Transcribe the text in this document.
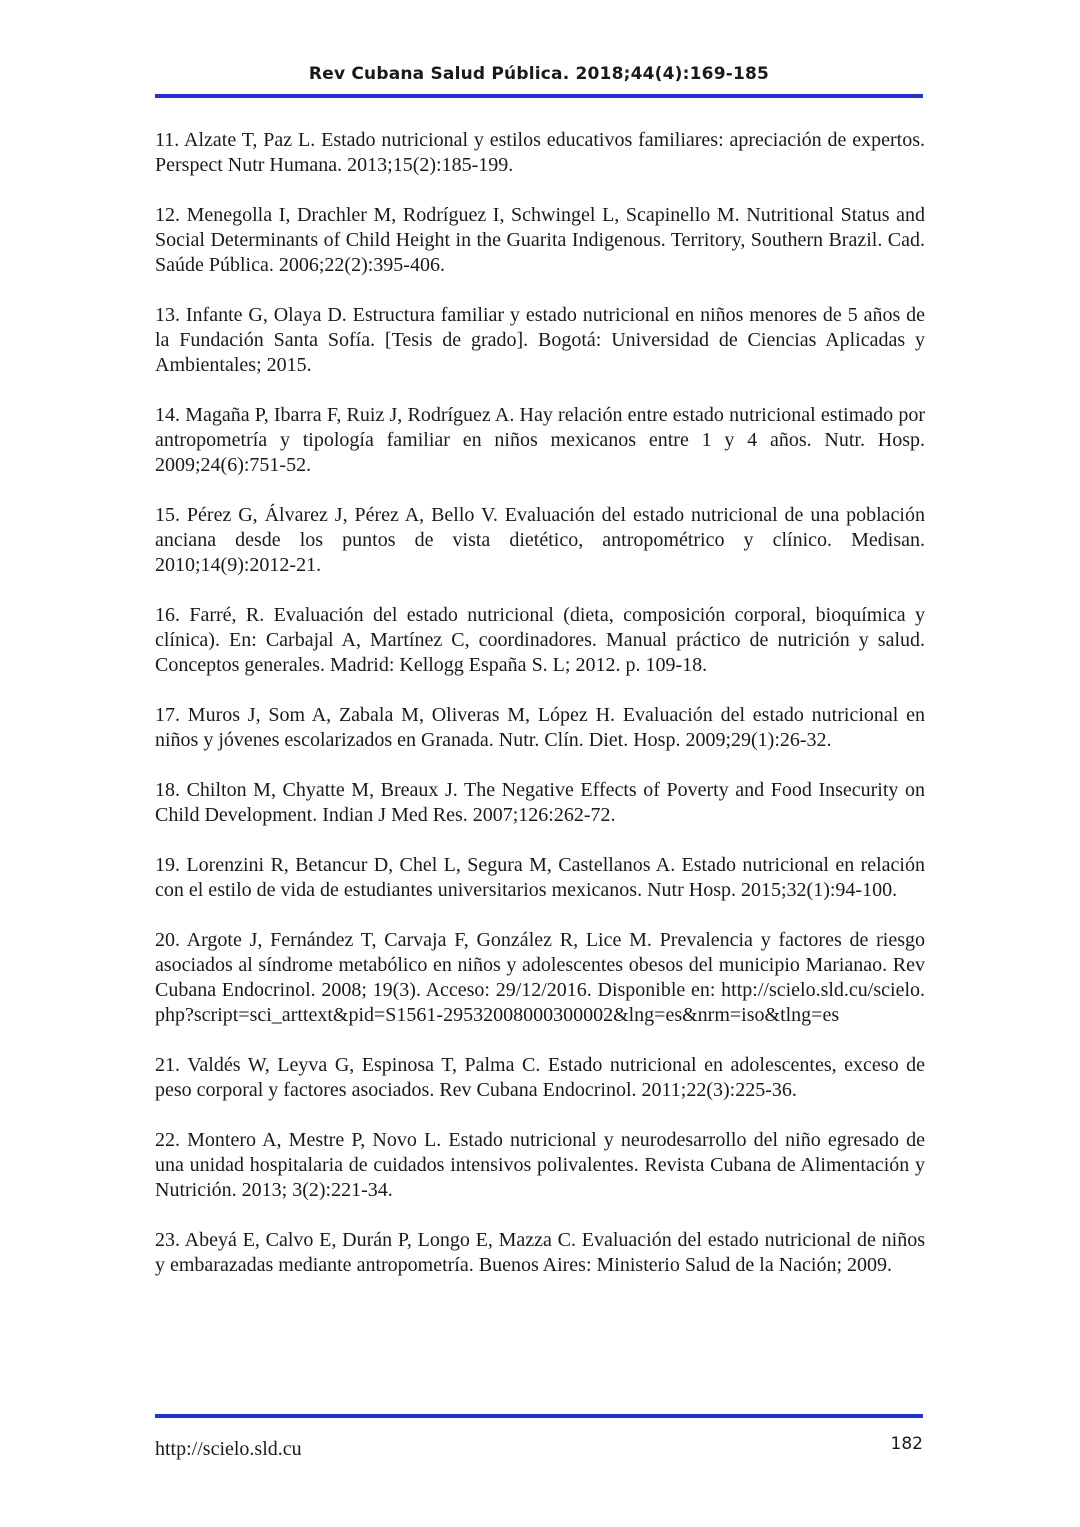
Rev Cubana Salud Pública. 2018;44(4):169-185
11. Alzate T, Paz L. Estado nutricional y estilos educativos familiares: apreciación de expertos. Perspect Nutr Humana. 2013;15(2):185-199.
12. Menegolla I, Drachler M, Rodríguez I, Schwingel L, Scapinello M. Nutritional Status and Social Determinants of Child Height in the Guarita Indigenous. Territory, Southern Brazil. Cad. Saúde Pública. 2006;22(2):395-406.
13. Infante G, Olaya D. Estructura familiar y estado nutricional en niños menores de 5 años de la Fundación Santa Sofía. [Tesis de grado]. Bogotá: Universidad de Ciencias Aplicadas y Ambientales; 2015.
14. Magaña P, Ibarra F, Ruiz J, Rodríguez A. Hay relación entre estado nutricional estimado por antropometría y tipología familiar en niños mexicanos entre 1 y 4 años. Nutr. Hosp. 2009;24(6):751-52.
15. Pérez G, Álvarez J, Pérez A, Bello V. Evaluación del estado nutricional de una población anciana desde los puntos de vista dietético, antropométrico y clínico. Medisan. 2010;14(9):2012-21.
16. Farré, R. Evaluación del estado nutricional (dieta, composición corporal, bioquímica y clínica). En: Carbajal A, Martínez C, coordinadores. Manual práctico de nutrición y salud. Conceptos generales. Madrid: Kellogg España S. L; 2012. p. 109-18.
17. Muros J, Som A, Zabala M, Oliveras M, López H. Evaluación del estado nutricional en niños y jóvenes escolarizados en Granada. Nutr. Clín. Diet. Hosp. 2009;29(1):26-32.
18. Chilton M, Chyatte M, Breaux J. The Negative Effects of Poverty and Food Insecurity on Child Development. Indian J Med Res. 2007;126:262-72.
19. Lorenzini R, Betancur D, Chel L, Segura M, Castellanos A. Estado nutricional en relación con el estilo de vida de estudiantes universitarios mexicanos. Nutr Hosp. 2015;32(1):94-100.
20. Argote J, Fernández T, Carvaja F, González R, Lice M. Prevalencia y factores de riesgo asociados al síndrome metabólico en niños y adolescentes obesos del municipio Marianao. Rev Cubana Endocrinol. 2008; 19(3). Acceso: 29/12/2016. Disponible en: http://scielo.sld.cu/scielo.php?script=sci_arttext&pid=S1561-29532008000300002&lng=es&nrm=iso&tlng=es
21. Valdés W, Leyva G, Espinosa T, Palma C. Estado nutricional en adolescentes, exceso de peso corporal y factores asociados. Rev Cubana Endocrinol. 2011;22(3):225-36.
22. Montero A, Mestre P, Novo L. Estado nutricional y neurodesarrollo del niño egresado de una unidad hospitalaria de cuidados intensivos polivalentes. Revista Cubana de Alimentación y Nutrición. 2013; 3(2):221-34.
23. Abeyá E, Calvo E, Durán P, Longo E, Mazza C. Evaluación del estado nutricional de niños y embarazadas mediante antropometría. Buenos Aires: Ministerio Salud de la Nación; 2009.
http://scielo.sld.cu	182
